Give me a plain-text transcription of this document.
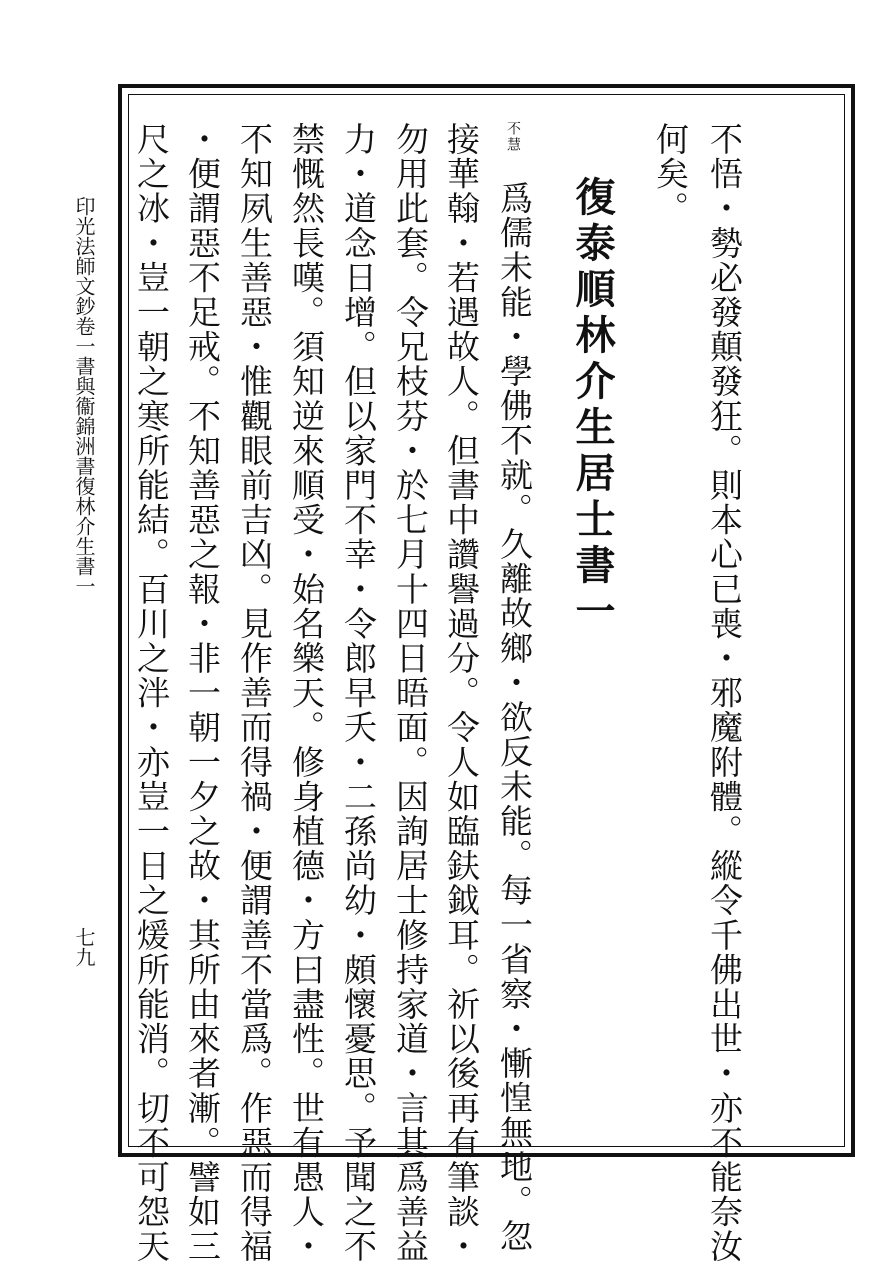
不悟・勢必發顛發狂。則本心已喪・邪魔附體。縱令千佛出世・亦不能奈汝
何矣。
復泰順林介生居士書一
不慧
爲儒未能・學佛不就。久離故鄉・欲反未能。每一省察・慚惶無地。忽
接華翰・若遇故人。但書中讚譽過分。令人如臨鈇鉞耳。祈以後再有筆談・
勿用此套。令兄枝芬・於七月十四日晤面。因詢居士修持家道・言其爲善益
力・道念日增。但以家門不幸・令郎早夭・二孫尚幼・頗懷憂思。予聞之不
禁慨然長嘆。須知逆來順受・始名樂天。修身植德・方曰盡性。世有愚人・
不知夙生善惡・惟觀眼前吉凶。見作善而得禍・便謂善不當爲。作惡而得福
・便謂惡不足戒。不知善惡之報・非一朝一夕之故・其所由來者漸。譬如三
尺之冰・豈一朝之寒所能結。百川之泮・亦豈一日之煖所能消。切不可怨天
印光法師文鈔卷一書與衞錦洲書復林介生書一
七九
